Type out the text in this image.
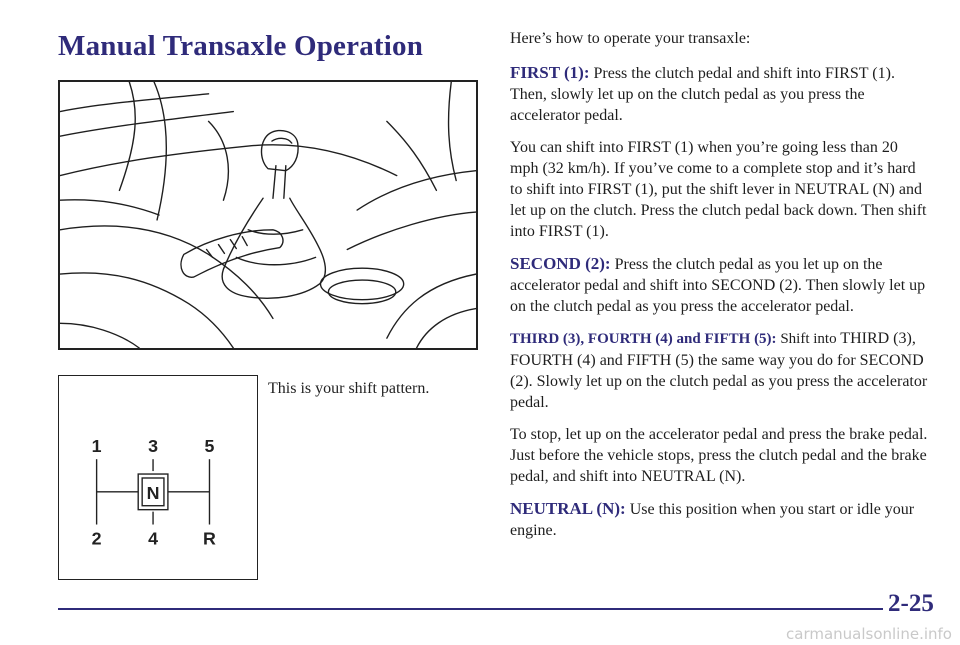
Manual Transaxle Operation
1	3	5
N
2	4	R

This is your shift pattern.

Here’s how to operate your transaxle:

FIRST (1): Press the clutch pedal and shift into FIRST (1). Then, slowly let up on the clutch pedal as you press the accelerator pedal.

You can shift into FIRST (1) when you’re going less than 20 mph (32 km/h). If you’ve come to a complete stop and it’s hard to shift into FIRST (1), put the shift lever in NEUTRAL (N) and let up on the clutch. Press the clutch pedal back down. Then shift into FIRST (1).

SECOND (2): Press the clutch pedal as you let up on the accelerator pedal and shift into SECOND (2). Then slowly let up on the clutch pedal as you press the accelerator pedal.

THIRD (3), FOURTH (4) and FIFTH (5): Shift into THIRD (3), FOURTH (4) and FIFTH (5) the same way you do for SECOND (2). Slowly let up on the clutch pedal as you press the accelerator pedal.

To stop, let up on the accelerator pedal and press the brake pedal. Just before the vehicle stops, press the clutch pedal and the brake pedal, and shift into NEUTRAL (N).

NEUTRAL (N): Use this position when you start or idle your engine.

2-25

carmanualsonline.info
